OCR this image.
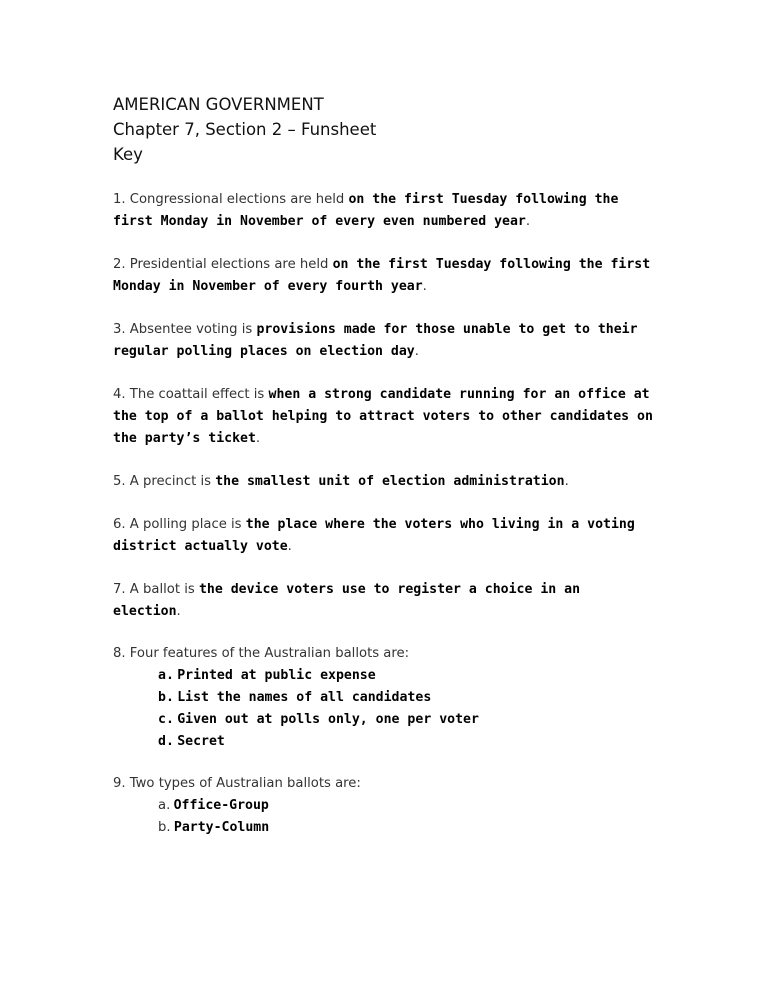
AMERICAN GOVERNMENT
Chapter 7, Section 2 – Funsheet
Key
1. Congressional elections are held on the first Tuesday following the first Monday in November of every even numbered year.
2. Presidential elections are held on the first Tuesday following the first Monday in November of every fourth year.
3. Absentee voting is provisions made for those unable to get to their regular polling places on election day.
4. The coattail effect is when a strong candidate running for an office at the top of a ballot helping to attract voters to other candidates on the party’s ticket.
5. A precinct is the smallest unit of election administration.
6. A polling place is the place where the voters who living in a voting district actually vote.
7. A ballot is the device voters use to register a choice in an election.
8. Four features of the Australian ballots are:
a. Printed at public expense
b. List the names of all candidates
c. Given out at polls only, one per voter
d. Secret
9. Two types of Australian ballots are:
a. Office-Group
b. Party-Column
